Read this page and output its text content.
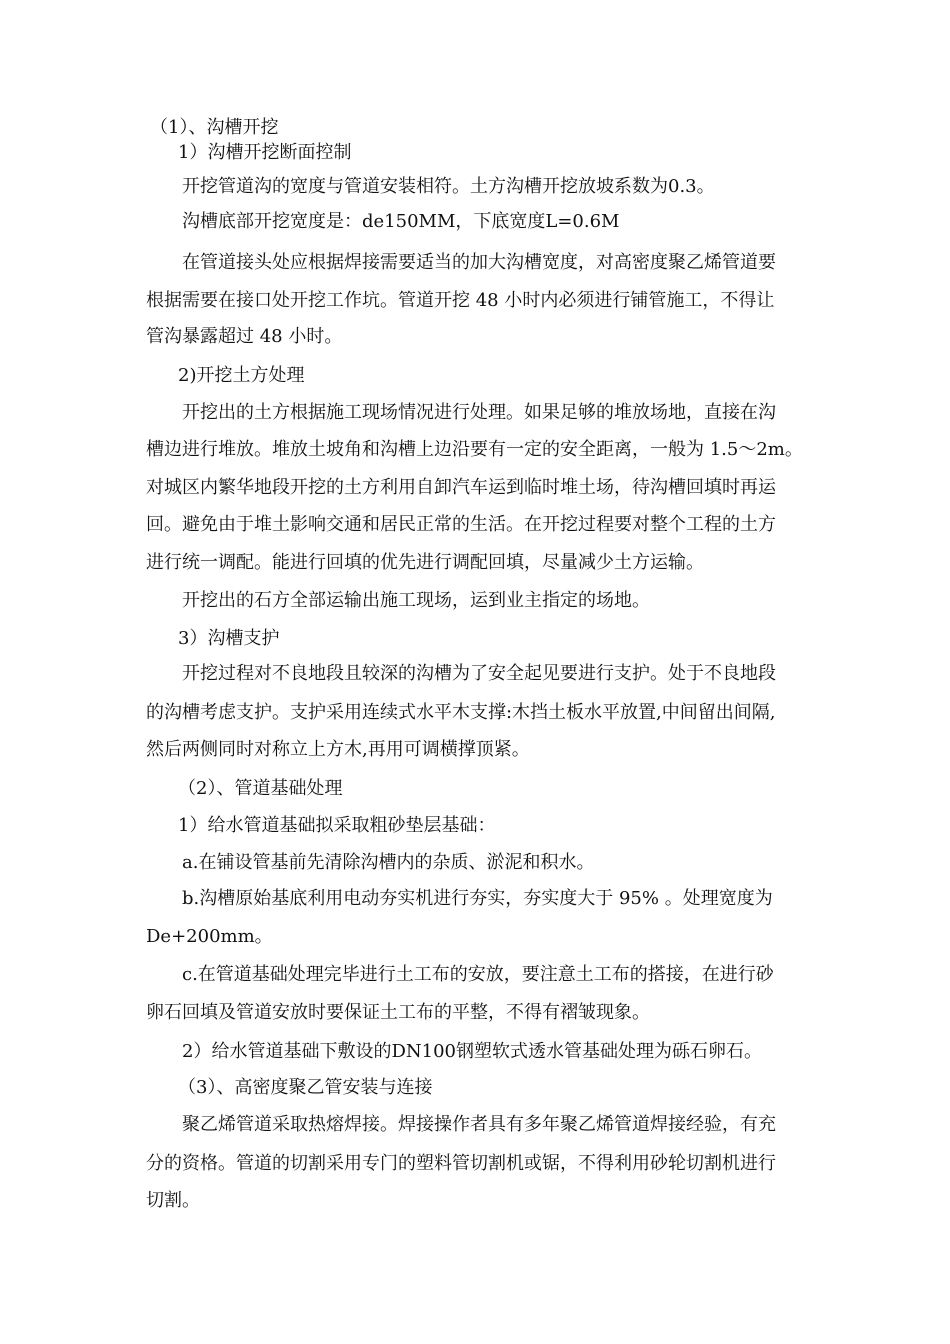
（1）、沟槽开挖
1）沟槽开挖断面控制
开挖管道沟的宽度与管道安装相符。土方沟槽开挖放坡系数为0.3。
沟槽底部开挖宽度是：de150MM，下底宽度L=0.6M
在管道接头处应根据焊接需要适当的加大沟槽宽度，对高密度聚乙烯管道要
根据需要在接口处开挖工作坑。管道开挖 48 小时内必须进行铺管施工，不得让
管沟暴露超过 48 小时。
2)开挖土方处理
开挖出的土方根据施工现场情况进行处理。如果足够的堆放场地，直接在沟
槽边进行堆放。堆放土坡角和沟槽上边沿要有一定的安全距离，一般为 1.5～2m。
对城区内繁华地段开挖的土方利用自卸汽车运到临时堆土场，待沟槽回填时再运
回。避免由于堆土影响交通和居民正常的生活。在开挖过程要对整个工程的土方
进行统一调配。能进行回填的优先进行调配回填，尽量减少土方运输。
开挖出的石方全部运输出施工现场，运到业主指定的场地。
3）沟槽支护
开挖过程对不良地段且较深的沟槽为了安全起见要进行支护。处于不良地段
的沟槽考虑支护。支护采用连续式水平木支撑:木挡土板水平放置,中间留出间隔,
然后两侧同时对称立上方木,再用可调横撑顶紧。
（2）、管道基础处理
1）给水管道基础拟采取粗砂垫层基础：
a.在铺设管基前先清除沟槽内的杂质、淤泥和积水。
b.沟槽原始基底利用电动夯实机进行夯实，夯实度大于 95% 。处理宽度为
De+200mm。
c.在管道基础处理完毕进行土工布的安放，要注意土工布的搭接，在进行砂
卵石回填及管道安放时要保证土工布的平整，不得有褶皱现象。
2）给水管道基础下敷设的DN100钢塑软式透水管基础处理为砾石卵石。
（3）、高密度聚乙管安装与连接
聚乙烯管道采取热熔焊接。焊接操作者具有多年聚乙烯管道焊接经验，有充
分的资格。管道的切割采用专门的塑料管切割机或锯，不得利用砂轮切割机进行
切割。
